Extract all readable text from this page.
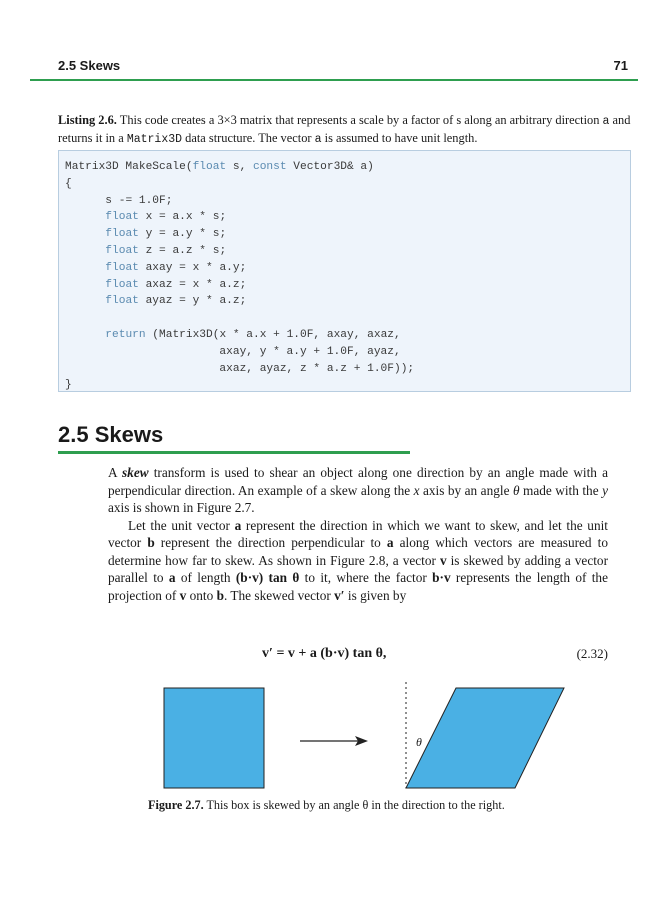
2.5 Skews	71
Listing 2.6. This code creates a 3×3 matrix that represents a scale by a factor of s along an arbitrary direction a and returns it in a Matrix3D data structure. The vector a is assumed to have unit length.
Matrix3D MakeScale(float s, const Vector3D& a)
{
s -= 1.0F;
float x = a.x * s;
float y = a.y * s;
float z = a.z * s;
float axay = x * a.y;
float axaz = x * a.z;
float ayaz = y * a.z;

return (Matrix3D(x * a.x + 1.0F, axay, axaz,
axay, y * a.y + 1.0F, ayaz,
axaz, ayaz, z * a.z + 1.0F));
}
2.5 Skews

A skew transform is used to shear an object along one direction by an angle made with a perpendicular direction. An example of a skew along the x axis by an angle θ made with the y axis is shown in Figure 2.7.

Let the unit vector a represent the direction in which we want to skew, and let the unit vector b represent the direction perpendicular to a along which vectors are measured to determine how far to skew. As shown in Figure 2.8, a vector v is skewed by adding a vector parallel to a of length (b·v) tan θ to it, where the factor b·v represents the length of the projection of v onto b. The skewed vector v′ is given by

v′ = v + a (b·v) tan θ,	(2.32)
θ
Figure 2.7. This box is skewed by an angle θ in the direction to the right.
